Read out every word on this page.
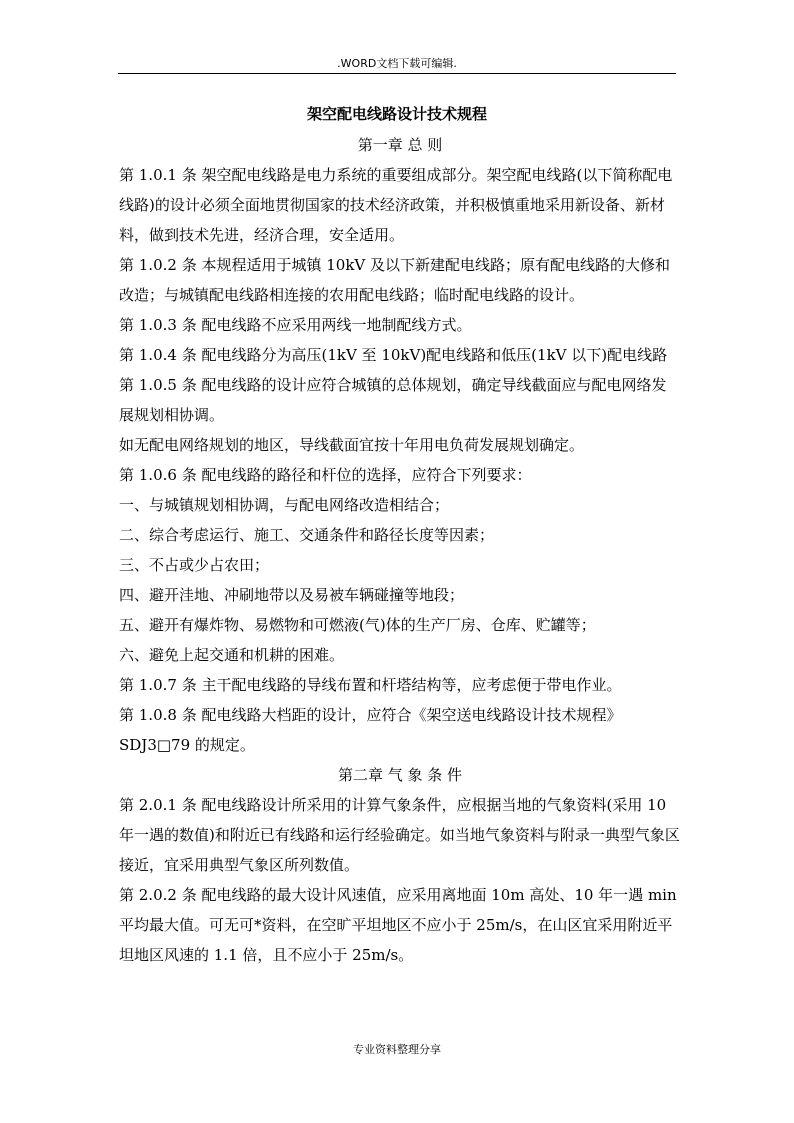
.WORD文档下载可编辑.
架空配电线路设计技术规程

第一章 总 则

第 1.0.1 条 架空配电线路是电力系统的重要组成部分。架空配电线路(以下简称配电线路)的设计必须全面地贯彻国家的技术经济政策，并积极慎重地采用新设备、新材料，做到技术先进，经济合理，安全适用。

第 1.0.2 条 本规程适用于城镇 10kV 及以下新建配电线路；原有配电线路的大修和改造；与城镇配电线路相连接的农用配电线路；临时配电线路的设计。

第 1.0.3 条 配电线路不应采用两线一地制配线方式。

第 1.0.4 条 配电线路分为高压(1kV 至 10kV)配电线路和低压(1kV 以下)配电线路

第 1.0.5 条 配电线路的设计应符合城镇的总体规划，确定导线截面应与配电网络发展规划相协调。

如无配电网络规划的地区，导线截面宜按十年用电负荷发展规划确定。

第 1.0.6 条 配电线路的路径和杆位的选择，应符合下列要求：

一、与城镇规划相协调，与配电网络改造相结合；

二、综合考虑运行、施工、交通条件和路径长度等因素；

三、不占或少占农田；

四、避开洼地、冲刷地带以及易被车辆碰撞等地段；

五、避开有爆炸物、易燃物和可燃液(气)体的生产厂房、仓库、贮罐等；

六、避免上起交通和机耕的困难。

第 1.0.7 条 主干配电线路的导线布置和杆塔结构等，应考虑便于带电作业。

第 1.0.8 条 配电线路大档距的设计，应符合《架空送电线路设计技术规程》SDJ3□79 的规定。

第二章 气 象 条 件

第 2.0.1 条 配电线路设计所采用的计算气象条件，应根据当地的气象资料(采用 10 年一遇的数值)和附近已有线路和运行经验确定。如当地气象资料与附录一典型气象区接近，宜采用典型气象区所列数值。

第 2.0.2 条 配电线路的最大设计风速值，应采用离地面 10m 高处、10 年一遇 min 平均最大值。可无可*资料，在空旷平坦地区不应小于 25m/s，在山区宜采用附近平坦地区风速的 1.1 倍，且不应小于 25m/s。

专业资料整理分享
